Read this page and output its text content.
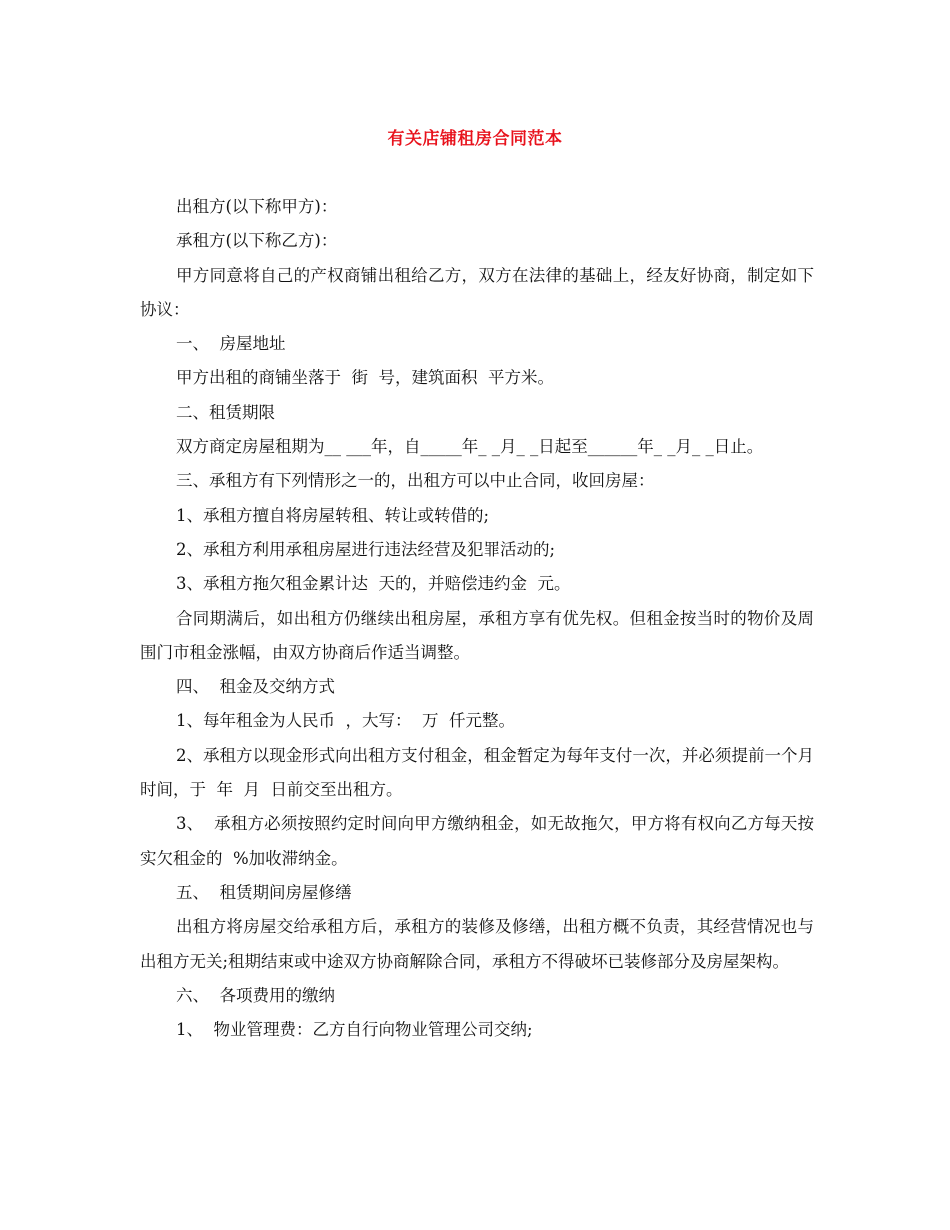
有关店铺租房合同范本

出租方(以下称甲方)：

承租方(以下称乙方)：

甲方同意将自己的产权商铺出租给乙方，双方在法律的基础上，经友好协商，制定如下协议：

一、  房屋地址

甲方出租的商铺坐落于  街  号，建筑面积  平方米。

二、租赁期限

双方商定房屋租期为__ ___年，自_____年_ _月_ _日起至______年_ _月_ _日止。

三、承租方有下列情形之一的，出租方可以中止合同，收回房屋：

1、承租方擅自将房屋转租、转让或转借的;

2、承租方利用承租房屋进行违法经营及犯罪活动的;

3、承租方拖欠租金累计达  天的，并赔偿违约金  元。

合同期满后，如出租方仍继续出租房屋，承租方享有优先权。但租金按当时的物价及周围门市租金涨幅，由双方协商后作适当调整。

四、  租金及交纳方式

1、每年租金为人民币  ，大写：  万  仟元整。

2、承租方以现金形式向出租方支付租金，租金暂定为每年支付一次，并必须提前一个月时间，于  年  月  日前交至出租方。

3、  承租方必须按照约定时间向甲方缴纳租金，如无故拖欠，甲方将有权向乙方每天按实欠租金的  %加收滞纳金。

五、  租赁期间房屋修缮

出租方将房屋交给承租方后，承租方的装修及修缮，出租方概不负责，其经营情况也与出租方无关;租期结束或中途双方协商解除合同，承租方不得破坏已装修部分及房屋架构。

六、  各项费用的缴纳

1、  物业管理费：乙方自行向物业管理公司交纳;
